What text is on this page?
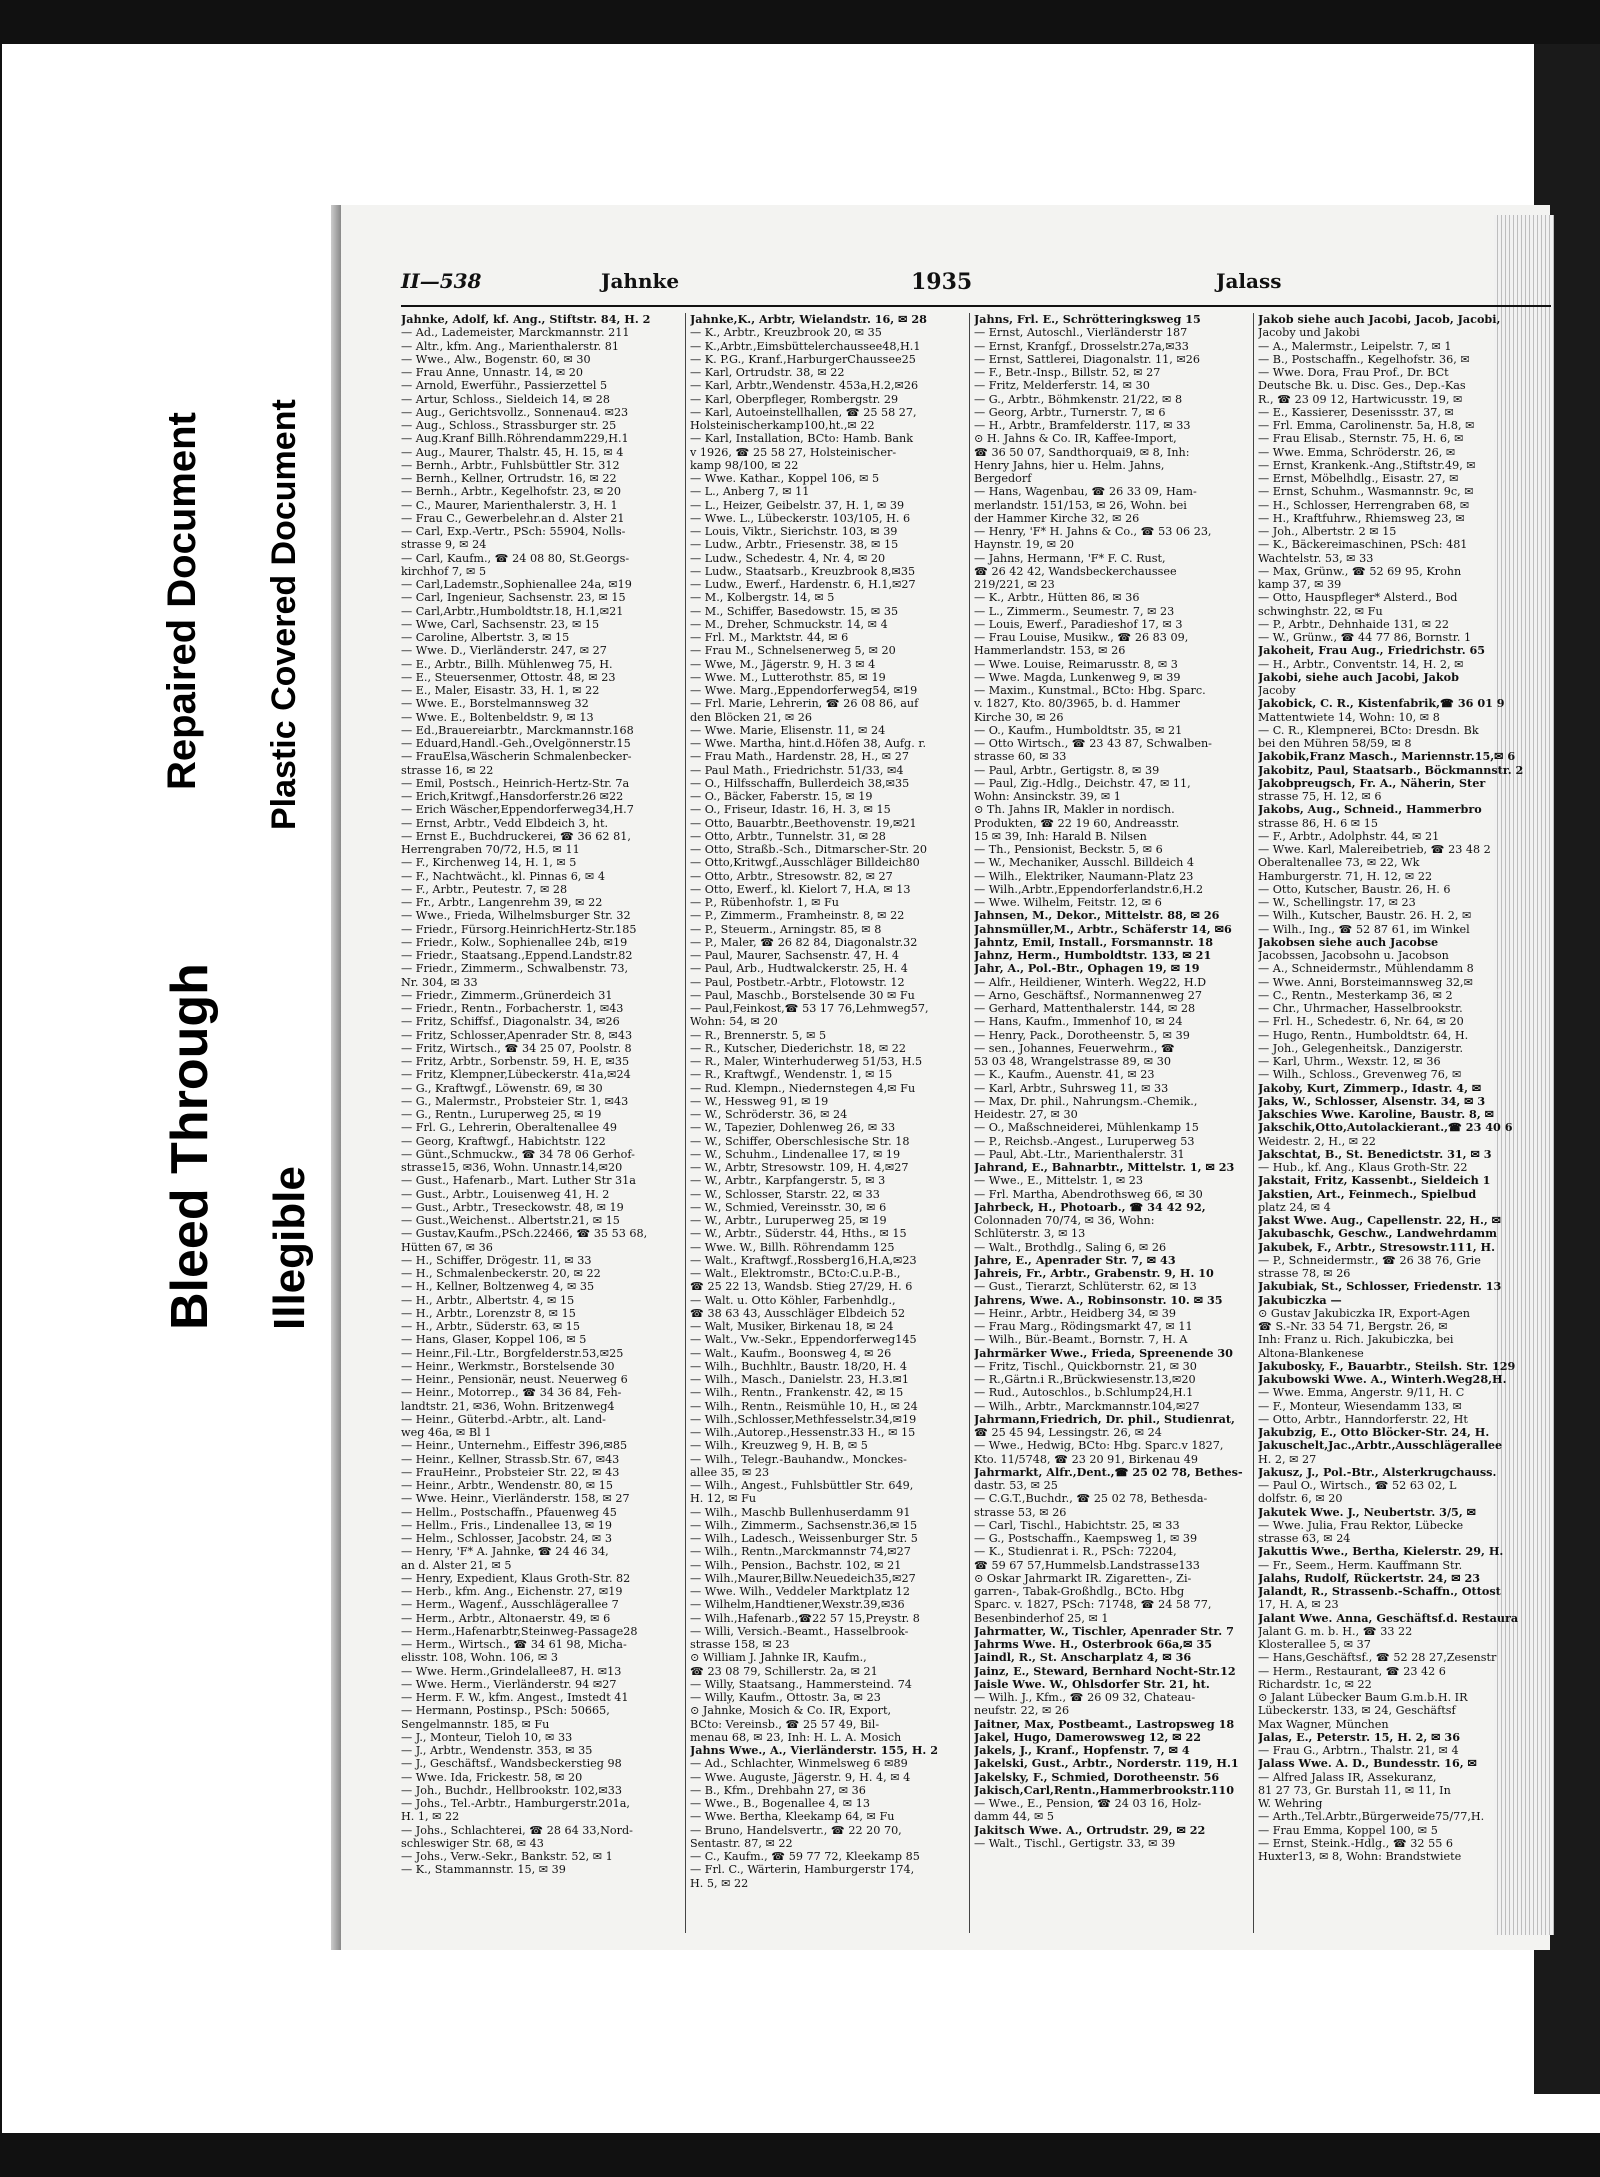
Bleed Through Illegible
Repaired Document Plastic Covered Document
II—538	Jahnke	1935	Jalass
Jahnke, Adolf, kf. Ang., Stiftstr. 84, H. 2
— Ad., Lademeister, Marckmannstr. 211
— Altr., kfm. Ang., Marienthalerstr. 81
— Wwe., Alw., Bogenstr. 60, ✉ 30
— Frau Anne, Unnastr. 14, ✉ 20
— Arnold, Ewerführ., Passierzettel 5
— Artur, Schloss., Sieldeich 14, ✉ 28
— Aug., Gerichtsvollz., Sonnenau4. ✉23
— Aug., Schloss., Strassburger str. 25
— Aug.Kranf Billh.Röhrendamm229,H.1
— Aug., Maurer, Thalstr. 45, H. 15, ✉ 4
— Bernh., Arbtr., Fuhlsbüttler Str. 312
— Bernh., Kellner, Ortrudstr. 16, ✉ 22
— Bernh., Arbtr., Kegelhofstr. 23, ✉ 20
— C., Maurer, Marienthalerstr. 3, H. 1
— Frau C., Gewerbelehr.an d. Alster 21
— Carl, Exp.-Vertr., PSch: 55904, Nolls-
strasse 9, ✉ 24
— Carl, Kaufm., ☎ 24 08 80, St.Georgs-
kirchhof 7, ✉ 5
— Carl,Lademstr.,Sophienallee 24a, ✉19
— Carl, Ingenieur, Sachsenstr. 23, ✉ 15
— Carl,Arbtr.,Humboldtstr.18, H.1,✉21
— Wwe, Carl, Sachsenstr. 23, ✉ 15
— Caroline, Albertstr. 3, ✉ 15
— Wwe. D., Vierländerstr. 247, ✉ 27
— E., Arbtr., Billh. Mühlenweg 75, H.
— E., Steuersenmer, Ottostr. 48, ✉ 23
— E., Maler, Eisastr. 33, H. 1, ✉ 22
— Wwe. E., Borstelmannsweg 32
— Wwe. E., Boltenbeldstr. 9, ✉ 13
— Ed.,Brauereiarbtr., Marckmannstr.168
— Eduard,Handl.-Geh.,Ovelgönnerstr.15
— FrauElsa,Wäscherin Schmalenbecker-
strasse 16, ✉ 22
— Emil, Postsch., Heinrich-Hertz-Str. 7a
— Erich,Kritwgf.,Hansdorferstr.26 ✉22
— Erich Wäscher,Eppendorferweg34,H.7
— Ernst, Arbtr., Vedd Elbdeich 3, ht.
— Ernst E., Buchdruckerei, ☎ 36 62 81,
Herrengraben 70/72, H.5, ✉ 11
— F., Kirchenweg 14, H. 1, ✉ 5
— F., Nachtwächt., kl. Pinnas 6, ✉ 4
— F., Arbtr., Peutestr. 7, ✉ 28
— Fr., Arbtr., Langenrehm 39, ✉ 22
— Wwe., Frieda, Wilhelmsburger Str. 32
— Friedr., Fürsorg.HeinrichHertz-Str.185
— Friedr., Kolw., Sophienallee 24b, ✉19
— Friedr., Staatsang.,Eppend.Landstr.82
— Friedr., Zimmerm., Schwalbenstr. 73,
Nr. 304, ✉ 33
— Friedr., Zimmerm.,Grünerdeich 31
— Friedr., Rentn., Forbacherstr. 1, ✉43
— Fritz, Schiffsf., Diagonalstr. 34, ✉26
— Fritz, Schlosser,Apenrader Str. 8, ✉43
— Fritz, Wirtsch., ☎ 34 25 07, Poolstr. 8
— Fritz, Arbtr., Sorbenstr. 59, H. E, ✉35
— Fritz, Klempner,Lübeckerstr. 41a,✉24
— G., Kraftwgf., Löwenstr. 69, ✉ 30
— G., Malermstr., Probsteier Str. 1, ✉43
— G., Rentn., Luruperweg 25, ✉ 19
— Frl. G., Lehrerin, Oberaltenallee 49
— Georg, Kraftwgf., Habichtstr. 122
— Günt.,Schmuckw., ☎ 34 78 06 Gerhof-
strasse15, ✉36, Wohn. Unnastr.14,✉20
— Gust., Hafenarb., Mart. Luther Str 31a
— Gust., Arbtr., Louisenweg 41, H. 2
— Gust., Arbtr., Treseckowstr. 48, ✉ 19
— Gust.,Weichenst.. Albertstr.21, ✉ 15
— Gustav,Kaufm.,PSch.22466, ☎ 35 53 68,
Hütten 67, ✉ 36
— H., Schiffer, Drögestr. 11, ✉ 33
— H., Schmalenbeckerstr. 20, ✉ 22
— H., Kellner, Boltzenweg 4, ✉ 35
— H., Arbtr., Albertstr. 4, ✉ 15
— H., Arbtr., Lorenzstr 8, ✉ 15
— H., Arbtr., Süderstr. 63, ✉ 15
— Hans, Glaser, Koppel 106, ✉ 5
— Heinr.,Fil.-Ltr., Borgfelderstr.53,✉25
— Heinr., Werkmstr., Borstelsende 30
— Heinr., Pensionär, neust. Neuerweg 6
— Heinr., Motorrep., ☎ 34 36 84, Feh-
landtstr. 21, ✉36, Wohn. Britzenweg4
— Heinr., Güterbd.-Arbtr., alt. Land-
weg 46a, ✉ Bl 1
— Heinr., Unternehm., Eiffestr 396,✉85
— Heinr., Kellner, Strassb.Str. 67, ✉43
— FrauHeinr., Probsteier Str. 22, ✉ 43
— Heinr., Arbtr., Wendenstr. 80, ✉ 15
— Wwe. Heinr., Vierländerstr. 158, ✉ 27
— Hellm., Postschaffn., Pfauenweg 45
— Hellm., Fris., Lindenallee 13, ✉ 19
— Helm., Schlosser, Jacobstr. 24, ✉ 3
— Henry, 'F* A. Jahnke, ☎ 24 46 34,
an d. Alster 21, ✉ 5
— Henry, Expedient, Klaus Groth-Str. 82
— Herb., kfm. Ang., Eichenstr. 27, ✉19
— Herm., Wagenf., Ausschlägerallee 7
— Herm., Arbtr., Altonaerstr. 49, ✉ 6
— Herm.,Hafenarbtr,Steinweg-Passage28
— Herm., Wirtsch., ☎ 34 61 98, Micha-
elisstr. 108, Wohn. 106, ✉ 3
— Wwe. Herm.,Grindelallee87, H. ✉13
— Wwe. Herm., Vierländerstr. 94 ✉27
— Herm. F. W., kfm. Angest., Imstedt 41
— Hermann, Postinsp., PSch: 50665,
Sengelmannstr. 185, ✉ Fu
— J., Monteur, Tieloh 10, ✉ 33
— J., Arbtr., Wendenstr. 353, ✉ 35
— J., Geschäftsf., Wandsbeckerstieg 98
— Wwe. Ida, Frickestr. 58, ✉ 20
— Joh., Buchdr., Hellbrookstr. 102,✉33
— Johs., Tel.-Arbtr., Hamburgerstr.201a,
H. 1, ✉ 22
— Johs., Schlachterei, ☎ 28 64 33,Nord-
schleswiger Str. 68, ✉ 43
— Johs., Verw.-Sekr., Bankstr. 52, ✉ 1
— K., Stammannstr. 15, ✉ 39
Jahnke,K., Arbtr, Wielandstr. 16, ✉ 28
— K., Arbtr., Kreuzbrook 20, ✉ 35
— K.,Arbtr.,Eimsbüttelerchaussee48,H.1
— K. P.G., Kranf.,HarburgerChaussee25
— Karl, Ortrudstr. 38, ✉ 22
— Karl, Arbtr.,Wendenstr. 453a,H.2,✉26
— Karl, Oberpfleger, Rombergstr. 29
— Karl, Autoeinstellhallen, ☎ 25 58 27,
Holsteinischerkamp100,ht.,✉ 22
— Karl, Installation, BCto: Hamb. Bank
v 1926, ☎ 25 58 27, Holsteinischer-
kamp 98/100, ✉ 22
— Wwe. Kathar., Koppel 106, ✉ 5
— L., Anberg 7, ✉ 11
— L., Heizer, Geibelstr. 37, H. 1, ✉ 39
— Wwe. L., Lübeckerstr. 103/105, H. 6
— Louis, Viktr., Sierichstr. 103, ✉ 39
— Ludw., Arbtr., Friesenstr. 38, ✉ 15
— Ludw., Schedestr. 4, Nr. 4, ✉ 20
— Ludw., Staatsarb., Kreuzbrook 8,✉35
— Ludw., Ewerf., Hardenstr. 6, H.1,✉27
— M., Kolbergstr. 14, ✉ 5
— M., Schiffer, Basedowstr. 15, ✉ 35
— M., Dreher, Schmuckstr. 14, ✉ 4
— Frl. M., Marktstr. 44, ✉ 6
— Frau M., Schnelsenerweg 5, ✉ 20
— Wwe, M., Jägerstr. 9, H. 3 ✉ 4
— Wwe. M., Lutterothstr. 85, ✉ 19
— Wwe. Marg.,Eppendorferweg54, ✉19
— Frl. Marie, Lehrerin, ☎ 26 08 86, auf
den Blöcken 21, ✉ 26
— Wwe. Marie, Elisenstr. 11, ✉ 24
— Wwe. Martha, hint.d.Höfen 38, Aufg. r.
— Frau Math., Hardenstr. 28, H., ✉ 27
— Paul Math., Friedrichstr. 51/33, ✉4
— O., Hilfsschaffn, Bullerdeich 38,✉35
— O., Bäcker, Faberstr. 15, ✉ 19
— O., Friseur, Idastr. 16, H. 3, ✉ 15
— Otto, Bauarbtr.,Beethovenstr. 19,✉21
— Otto, Arbtr., Tunnelstr. 31, ✉ 28
— Otto, Straßb.-Sch., Ditmarscher-Str. 20
— Otto,Kritwgf.,Ausschläger Billdeich80
— Otto, Arbtr., Stresowstr. 82, ✉ 27
— Otto, Ewerf., kl. Kielort 7, H.A, ✉ 13
— P., Rübenhofstr. 1, ✉ Fu
— P., Zimmerm., Framheinstr. 8, ✉ 22
— P., Steuerm., Arningstr. 85, ✉ 8
— P., Maler, ☎ 26 82 84, Diagonalstr.32
— Paul, Maurer, Sachsenstr. 47, H. 4
— Paul, Arb., Hudtwalckerstr. 25, H. 4
— Paul, Postbetr.-Arbtr., Flotowstr. 12
— Paul, Maschb., Borstelsende 30 ✉ Fu
— Paul,Feinkost,☎ 53 17 76,Lehmweg57,
Wohn: 54, ✉ 20
— R., Brennerstr. 5, ✉ 5
— R., Kutscher, Diederichstr. 18, ✉ 22
— R., Maler, Winterhuderweg 51/53, H.5
— R., Kraftwgf., Wendenstr. 1, ✉ 15
— Rud. Klempn., Niedernstegen 4,✉ Fu
— W., Hessweg 91, ✉ 19
— W., Schröderstr. 36, ✉ 24
— W., Tapezier, Dohlenweg 26, ✉ 33
— W., Schiffer, Oberschlesische Str. 18
— W., Schuhm., Lindenallee 17, ✉ 19
— W., Arbtr, Stresowstr. 109, H. 4,✉27
— W., Arbtr., Karpfangerstr. 5, ✉ 3
— W., Schlosser, Starstr. 22, ✉ 33
— W., Schmied, Vereinsstr. 30, ✉ 6
— W., Arbtr., Luruperweg 25, ✉ 19
— W., Arbtr., Süderstr. 44, Hths., ✉ 15
— Wwe. W., Billh. Röhrendamm 125
— Walt., Kraftwgf.,Rossberg16,H.A,✉23
— Walt., Elektromstr., BCto:C.u.P.-B.,
☎ 25 22 13, Wandsb. Stieg 27/29, H. 6
— Walt. u. Otto Köhler, Farbenhdlg.,
☎ 38 63 43, Ausschläger Elbdeich 52
— Walt, Musiker, Birkenau 18, ✉ 24
— Walt., Vw.-Sekr., Eppendorferweg145
— Walt., Kaufm., Boonsweg 4, ✉ 26
— Wilh., Buchhltr., Baustr. 18/20, H. 4
— Wilh., Masch., Danielstr. 23, H.3.✉1
— Wilh., Rentn., Frankenstr. 42, ✉ 15
— Wilh., Rentn., Reismühle 10, H., ✉ 24
— Wilh.,Schlosser,Methfesselstr.34,✉19
— Wilh.,Autorep.,Hessenstr.33 H., ✉ 15
— Wilh., Kreuzweg 9, H. B, ✉ 5
— Wilh., Telegr.-Bauhandw., Monckes-
allee 35, ✉ 23
— Wilh., Angest., Fuhlsbüttler Str. 649,
H. 12, ✉ Fu
— Wilh., Maschb Bullenhuserdamm 91
— Wilh., Zimmerm., Sachsenstr.36,✉ 15
— Wilh., Ladesch., Weissenburger Str. 5
— Wilh., Rentn.,Marckmannstr 74,✉27
— Wilh., Pension., Bachstr. 102, ✉ 21
— Wilh.,Maurer,Billw.Neuedeich35,✉27
— Wwe. Wilh., Veddeler Marktplatz 12
— Wilhelm,Handtiener,Wexstr.39,✉36
— Wilh.,Hafenarb.,☎22 57 15,Preystr. 8
— Willi, Versich.-Beamt., Hasselbrook-
strasse 158, ✉ 23
⊙ William J. Jahnke IR, Kaufm.,
☎ 23 08 79, Schillerstr. 2a, ✉ 21
— Willy, Staatsang., Hammersteind. 74
— Willy, Kaufm., Ottostr. 3a, ✉ 23
⊙ Jahnke, Mosich & Co. IR, Export,
BCto: Vereinsb., ☎ 25 57 49, Bil-
menau 68, ✉ 23, Inh: H. L. A. Mosich
Jahns Wwe., A., Vierländerstr. 155, H. 2
— Ad., Schlachter, Winmelsweg 6 ✉89
— Wwe. Auguste, Jägerstr. 9, H. 4, ✉ 4
— B., Kfm., Drehbahn 27, ✉ 36
— Wwe., B., Bogenallee 4, ✉ 13
— Wwe. Bertha, Kleekamp 64, ✉ Fu
— Bruno, Handelsvertr., ☎ 22 20 70,
Sentastr. 87, ✉ 22
— C., Kaufm., ☎ 59 77 72, Kleekamp 85
— Frl. C., Wärterin, Hamburgerstr 174,
H. 5, ✉ 22
Jahns, Frl. E., Schrötteringksweg 15
— Ernst, Autoschl., Vierländerstr 187
— Ernst, Kranfgf., Drosselstr.27a,✉33
— Ernst, Sattlerei, Diagonalstr. 11, ✉26
— F., Betr.-Insp., Billstr. 52, ✉ 27
— Fritz, Melderferstr. 14, ✉ 30
— G., Arbtr., Böhmkenstr. 21/22, ✉ 8
— Georg, Arbtr., Turnerstr. 7, ✉ 6
— H., Arbtr., Bramfelderstr. 117, ✉ 33
⊙ H. Jahns & Co. IR, Kaffee-Import,
☎ 36 50 07, Sandthorquai9, ✉ 8, Inh:
Henry Jahns, hier u. Helm. Jahns,
Bergedorf
— Hans, Wagenbau, ☎ 26 33 09, Ham-
merlandstr. 151/153, ✉ 26, Wohn. bei
der Hammer Kirche 32, ✉ 26
— Henry, 'F* H. Jahns & Co., ☎ 53 06 23,
Haynstr. 19, ✉ 20
— Jahns, Hermann, 'F* F. C. Rust,
☎ 26 42 42, Wandsbeckerchaussee
219/221, ✉ 23
— K., Arbtr., Hütten 86, ✉ 36
— L., Zimmerm., Seumestr. 7, ✉ 23
— Louis, Ewerf., Paradieshof 17, ✉ 3
— Frau Louise, Musikw., ☎ 26 83 09,
Hammerlandstr. 153, ✉ 26
— Wwe. Louise, Reimarusstr. 8, ✉ 3
— Wwe. Magda, Lunkenweg 9, ✉ 39
— Maxim., Kunstmal., BCto: Hbg. Sparc.
v. 1827, Kto. 80/3965, b. d. Hammer
Kirche 30, ✉ 26
— O., Kaufm., Humboldtstr. 35, ✉ 21
— Otto Wirtsch., ☎ 23 43 87, Schwalben-
strasse 60, ✉ 33
— Paul, Arbtr., Gertigstr. 8, ✉ 39
— Paul, Zig.-Hdlg., Deichstr. 47, ✉ 11,
Wohn: Ansinckstr. 39, ✉ 1
⊙ Th. Jahns IR, Makler in nordisch.
Produkten, ☎ 22 19 60, Andreasstr.
15 ✉ 39, Inh: Harald B. Nilsen
— Th., Pensionist, Beckstr. 5, ✉ 6
— W., Mechaniker, Ausschl. Billdeich 4
— Wilh., Elektriker, Naumann-Platz 23
— Wilh.,Arbtr.,Eppendorferlandstr.6,H.2
— Wwe. Wilhelm, Feitstr. 12, ✉ 6
Jahnsen, M., Dekor., Mittelstr. 88, ✉ 26
Jahnsmüller,M., Arbtr., Schäferstr 14, ✉6
Jahntz, Emil, Install., Forsmannstr. 18
Jahnz, Herm., Humboldtstr. 133, ✉ 21
Jahr, A., Pol.-Btr., Ophagen 19, ✉ 19
— Alfr., Heildiener, Winterh. Weg22, H.D
— Arno, Geschäftsf., Normannenweg 27
— Gerhard, Mattenthalerstr. 144, ✉ 28
— Hans, Kaufm., Immenhof 10, ✉ 24
— Henry, Pack., Dorotheenstr. 5, ✉ 39
— sen., Johannes, Feuerwehrm., ☎
53 03 48, Wrangelstrasse 89, ✉ 30
— K., Kaufm., Auenstr. 41, ✉ 23
— Karl, Arbtr., Suhrsweg 11, ✉ 33
— Max, Dr. phil., Nahrungsm.-Chemik.,
Heidestr. 27, ✉ 30
— O., Maßschneiderei, Mühlenkamp 15
— P., Reichsb.-Angest., Luruperweg 53
— Paul, Abt.-Ltr., Marienthalerstr. 31
Jahrand, E., Bahnarbtr., Mittelstr. 1, ✉ 23
— Wwe., E., Mittelstr. 1, ✉ 23
— Frl. Martha, Abendrothsweg 66, ✉ 30
Jahrbeck, H., Photoarb., ☎ 34 42 92,
Colonnaden 70/74, ✉ 36, Wohn:
Schlüterstr. 3, ✉ 13
— Walt., Brothdlg., Saling 6, ✉ 26
Jahre, E., Apenrader Str. 7, ✉ 43
Jahreis, Fr., Arbtr., Grabenstr. 9, H. 10
— Gust., Tierarzt, Schlüterstr. 62, ✉ 13
Jahrens, Wwe. A., Robinsonstr. 10. ✉ 35
— Heinr., Arbtr., Heidberg 34, ✉ 39
— Frau Marg., Rödingsmarkt 47, ✉ 11
— Wilh., Bür.-Beamt., Bornstr. 7, H. A
Jahrmärker Wwe., Frieda, Spreenende 30
— Fritz, Tischl., Quickbornstr. 21, ✉ 30
— R.,Gärtn.i R.,Brückwiesenstr.13,✉20
— Rud., Autoschlos., b.Schlump24,H.1
— Wilh., Arbtr., Marckmannstr.104,✉27
Jahrmann,Friedrich, Dr. phil., Studienrat,
☎ 25 45 94, Lessingstr. 26, ✉ 24
— Wwe., Hedwig, BCto: Hbg. Sparc.v 1827,
Kto. 11/5748, ☎ 23 20 91, Birkenau 49
Jahrmarkt, Alfr.,Dent.,☎ 25 02 78, Bethes-
dastr. 53, ✉ 25
— C.G.T.,Buchdr., ☎ 25 02 78, Bethesda-
strasse 53, ✉ 26
— Carl, Tischl., Habichtstr. 25, ✉ 33
— G., Postschaffn., Kaempsweg 1, ✉ 39
— K., Studienrat i. R., PSch: 72204,
☎ 59 67 57,Hummelsb.Landstrasse133
⊙ Oskar Jahrmarkt IR. Zigaretten-, Zi-
garren-, Tabak-Großhdlg., BCto. Hbg
Sparc. v. 1827, PSch: 71748, ☎ 24 58 77,
Besenbinderhof 25, ✉ 1
Jahrmatter, W., Tischler, Apenrader Str. 7
Jahrms Wwe. H., Osterbrook 66a,✉ 35
Jaindl, R., St. Anscharplatz 4, ✉ 36
Jainz, E., Steward, Bernhard Nocht-Str.12
Jaisle Wwe. W., Ohlsdorfer Str. 21, ht.
— Wilh. J., Kfm., ☎ 26 09 32, Chateau-
neufstr. 22, ✉ 26
Jaitner, Max, Postbeamt., Lastropsweg 18
Jakel, Hugo, Damerowsweg 12, ✉ 22
Jakels, J., Kranf., Hopfenstr. 7, ✉ 4
Jakelski, Gust., Arbtr., Norderstr. 119, H.1
Jakelsky, F., Schmied, Dorotheenstr. 56
Jakisch,Carl,Rentn.,Hammerbrookstr.110
— Wwe., E., Pension, ☎ 24 03 16, Holz-
damm 44, ✉ 5
Jakitsch Wwe. A., Ortrudstr. 29, ✉ 22
— Walt., Tischl., Gertigstr. 33, ✉ 39
Jakob siehe auch Jacobi, Jacob, Jacobi,
Jacoby und Jakobi
— A., Malermstr., Leipelstr. 7, ✉ 1
— B., Postschaffn., Kegelhofstr. 36, ✉
— Wwe. Dora, Frau Prof., Dr. BCt
Deutsche Bk. u. Disc. Ges., Dep.-Kas
R., ☎ 23 09 12, Hartwicusstr. 19, ✉
— E., Kassierer, Desenissstr. 37, ✉
— Frl. Emma, Carolinenstr. 5a, H.8, ✉
— Frau Elisab., Sternstr. 75, H. 6, ✉
— Wwe. Emma, Schröderstr. 26, ✉
— Ernst, Krankenk.-Ang.,Stiftstr.49, ✉
— Ernst, Möbelhdlg., Eisastr. 27, ✉
— Ernst, Schuhm., Wasmannstr. 9c, ✉
— H., Schlosser, Herrengraben 68, ✉
— H., Kraftfuhrw., Rhiemsweg 23, ✉
— Joh., Albertstr. 2 ✉ 15
— K., Bäckereimaschinen, PSch: 481
Wachtelstr. 53, ✉ 33
— Max, Grünw., ☎ 52 69 95, Krohn
kamp 37, ✉ 39
— Otto, Hauspfleger* Alsterd., Bod
schwinghstr. 22, ✉ Fu
— P., Arbtr., Dehnhaide 131, ✉ 22
— W., Grünw., ☎ 44 77 86, Bornstr. 1
Jakoheit, Frau Aug., Friedrichstr. 65
— H., Arbtr., Conventstr. 14, H. 2, ✉
Jakobi, siehe auch Jacobi, Jakob
Jacoby
Jakobick, C. R., Kistenfabrik,☎ 36 01 9
Mattentwiete 14, Wohn: 10, ✉ 8
— C. R., Klempnerei, BCto: Dresdn. Bk
bei den Mühren 58/59, ✉ 8
Jakobik,Franz Masch., Mariennstr.15,✉ 6
Jakobitz, Paul, Staatsarb., Böckmannstr. 2
Jakobpreugsch, Fr. A., Näherin, Ster
strasse 75, H. 12, ✉ 6
Jakobs, Aug., Schneid., Hammerbro
strasse 86, H. 6 ✉ 15
— F., Arbtr., Adolphstr. 44, ✉ 21
— Wwe. Karl, Malereibetrieb, ☎ 23 48 2
Oberaltenallee 73, ✉ 22, Wk
Hamburgerstr. 71, H. 12, ✉ 22
— Otto, Kutscher, Baustr. 26, H. 6
— W., Schellingstr. 17, ✉ 23
— Wilh., Kutscher, Baustr. 26. H. 2, ✉
— Wilh., Ing., ☎ 52 87 61, im Winkel
Jakobsen siehe auch Jacobse
Jacobssen, Jacobsohn u. Jacobson
— A., Schneidermstr., Mühlendamm 8
— Wwe. Anni, Borsteimannsweg 32,✉
— C., Rentn., Mesterkamp 36, ✉ 2
— Chr., Uhrmacher, Hasselbrookstr.
— Frl. H., Schedestr. 6, Nr. 64, ✉ 20
— Hugo, Rentn., Humboldtstr. 64, H.
— Joh., Gelegenheitsk., Danzigerstr.
— Karl, Uhrm., Wexstr. 12, ✉ 36
— Wilh., Schloss., Grevenweg 76, ✉
Jakoby, Kurt, Zimmerp., Idastr. 4, ✉
Jaks, W., Schlosser, Alsenstr. 34, ✉ 3
Jakschies Wwe. Karoline, Baustr. 8, ✉
Jakschik,Otto,Autolackierant.,☎ 23 40 6
Weidestr. 2, H., ✉ 22
Jakschtat, B., St. Benedictstr. 31, ✉ 3
— Hub., kf. Ang., Klaus Groth-Str. 22
Jakstait, Fritz, Kassenbt., Sieldeich 1
Jakstien, Art., Feinmech., Spielbud
platz 24, ✉ 4
Jakst Wwe. Aug., Capellenstr. 22, H., ✉
Jakubaschk, Geschw., Landwehrdamm
Jakubek, F., Arbtr., Stresowstr.111, H.
— P., Schneidermstr., ☎ 26 38 76, Grie
strasse 78, ✉ 26
Jakubiak, St., Schlosser, Friedenstr. 13
Jakubiczka —
⊙ Gustav Jakubiczka IR, Export-Agen
☎ S.-Nr. 33 54 71, Bergstr. 26, ✉
Inh: Franz u. Rich. Jakubiczka, bei
Altona-Blankenese
Jakubosky, F., Bauarbtr., Steilsh. Str. 129
Jakubowski Wwe. A., Winterh.Weg28,H.
— Wwe. Emma, Angerstr. 9/11, H. C
— F., Monteur, Wiesendamm 133, ✉
— Otto, Arbtr., Hanndorferstr. 22, Ht
Jakubzig, E., Otto Blöcker-Str. 24, H.
Jakuschelt,Jac.,Arbtr.,Ausschlägerallee
H. 2, ✉ 27
Jakusz, J., Pol.-Btr., Alsterkrugchauss.
— Paul O., Wirtsch., ☎ 52 63 02, L
dolfstr. 6, ✉ 20
Jakutek Wwe. J., Neubertstr. 3/5, ✉
— Wwe. Julia, Frau Rektor, Lübecke
strasse 63, ✉ 24
Jakuttis Wwe., Bertha, Kielerstr. 29, H.
— Fr., Seem., Herm. Kauffmann Str.
Jalahs, Rudolf, Rückertstr. 24, ✉ 23
Jalandt, R., Strassenb.-Schaffn., Ottost
17, H. A, ✉ 23
Jalant Wwe. Anna, Geschäftsf.d. Restaura
Jalant G. m. b. H., ☎ 33 22
Klosterallee 5, ✉ 37
— Hans,Geschäftsf., ☎ 52 28 27,Zesenstr
— Herm., Restaurant, ☎ 23 42 6
Richardstr. 1c, ✉ 22
⊙ Jalant Lübecker Baum G.m.b.H. IR
Lübeckerstr. 133, ✉ 24, Geschäftsf
Max Wagner, München
Jalas, E., Peterstr. 15, H. 2, ✉ 36
— Frau G., Arbtrn., Thalstr. 21, ✉ 4
Jalass Wwe. A. D., Bundesstr. 16, ✉
— Alfred Jalass IR, Assekuranz,
81 27 73, Gr. Burstah 11, ✉ 11, In
W. Wehring
— Arth.,Tel.Arbtr.,Bürgerweide75/77,H.
— Frau Emma, Koppel 100, ✉ 5
— Ernst, Steink.-Hdlg., ☎ 32 55 6
Huxter13, ✉ 8, Wohn: Brandstwiete
